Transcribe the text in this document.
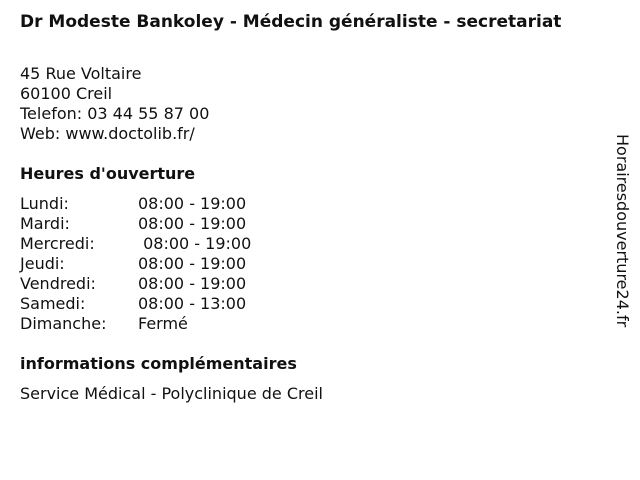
Dr Modeste Bankoley - Médecin généraliste - secretariat
45 Rue Voltaire
60100 Creil
Telefon: 03 44 55 87 00
Web: www.doctolib.fr/
Heures d'ouverture
Lundi:	08:00 - 19:00
Mardi:	08:00 - 19:00
Mercredi:	08:00 - 19:00
Jeudi:	08:00 - 19:00
Vendredi:	08:00 - 19:00
Samedi:	08:00 - 13:00
Dimanche:	Fermé
informations complémentaires
Service Médical - Polyclinique de Creil
Horairesdouverture24.fr
